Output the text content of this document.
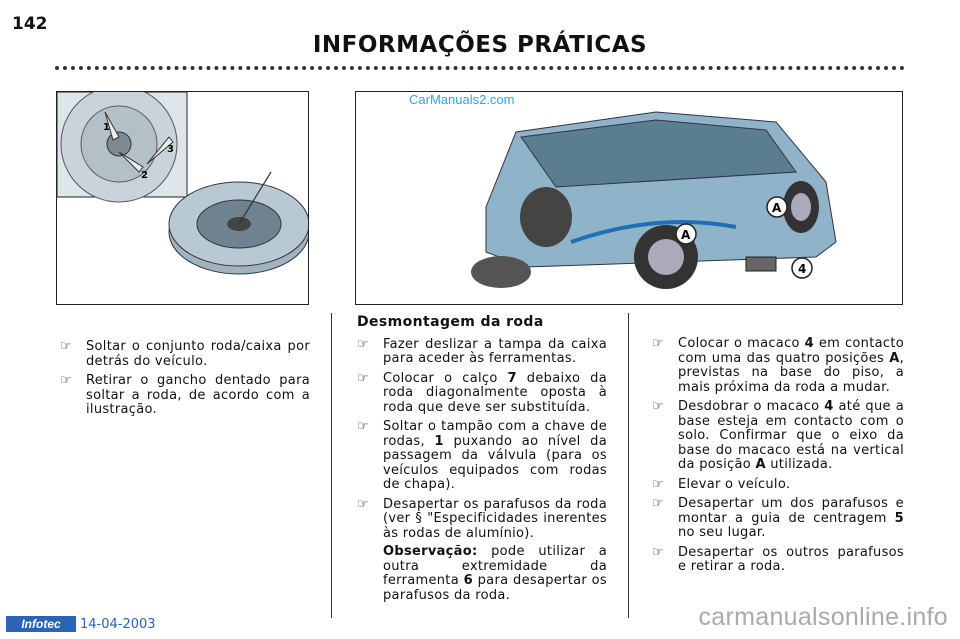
142
INFORMAÇÕES PRÁTICAS
1
2
3
A
A
4
CarManuals2.com
☞ Soltar o conjunto roda/caixa por detrás do veículo.
☞ Retirar o gancho dentado para soltar a roda, de acordo com a ilustração.
Desmontagem da roda
☞ Fazer deslizar a tampa da caixa para aceder às ferramentas.
☞ Colocar o calço 7 debaixo da roda diagonalmente oposta à roda que deve ser substituída.
☞ Soltar o tampão com a chave de rodas, 1 puxando ao nível da passagem da válvula (para os veículos equipados com rodas de chapa).
☞ Desapertar os parafusos da roda (ver § "Especificidades inerentes às rodas de alumínio).
Observação: pode utilizar a outra extremidade da ferramenta 6 para desapertar os parafusos da roda.
☞ Colocar o macaco 4 em contacto com uma das quatro posições A, previstas na base do piso, a mais próxima da roda a mudar.
☞ Desdobrar o macaco 4 até que a base esteja em contacto com o solo. Confirmar que o eixo da base do macaco está na vertical da posição A utilizada.
☞ Elevar o veículo.
☞ Desapertar um dos parafusos e montar a guia de centragem 5 no seu lugar.
☞ Desapertar os outros parafusos e retirar a roda.
Infotec	14-04-2003	carmanualsonline.info
